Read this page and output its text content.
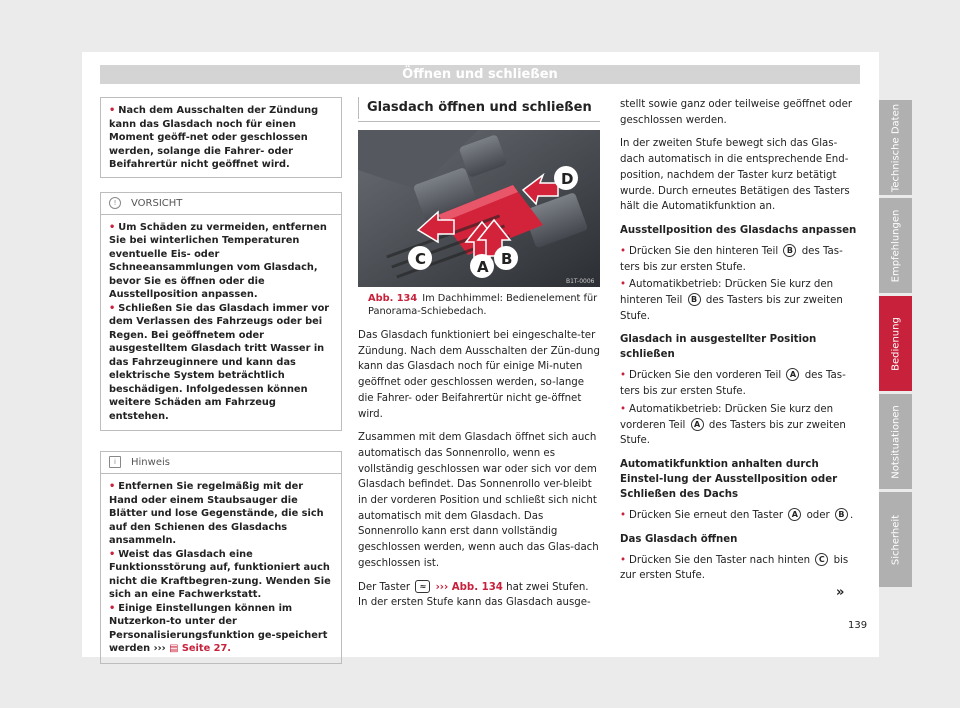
Öffnen und schließen
• Nach dem Ausschalten der Zündung kann das Glasdach noch für einen Moment geöff-net oder geschlossen werden, solange die Fahrer- oder Beifahrertür nicht geöffnet wird.
! VORSICHT
• Um Schäden zu vermeiden, entfernen Sie bei winterlichen Temperaturen eventuelle Eis- oder Schneeansammlungen vom Glasdach, bevor Sie es öffnen oder die Ausstellposition anpassen.
• Schließen Sie das Glasdach immer vor dem Verlassen des Fahrzeugs oder bei Regen. Bei geöffnetem oder ausgestelltem Glasdach tritt Wasser in das Fahrzeuginnere und kann das elektrische System beträchtlich beschädigen. Infolgedessen können weitere Schäden am Fahrzeug entstehen.
i Hinweis
• Entfernen Sie regelmäßig mit der Hand oder einem Staubsauger die Blätter und lose Gegenstände, die sich auf den Schienen des Glasdachs ansammeln.
• Weist das Glasdach eine Funktionsstörung auf, funktioniert auch nicht die Kraftbegren-zung. Wenden Sie sich an eine Fachwerkstatt.
• Einige Einstellungen können im Nutzerkon-to unter der Personalisierungsfunktion ge-speichert werden ››› ▤ Seite 27.
Glasdach öffnen und schließen
D
C	A B
B1T-0006
Abb. 134 Im Dachhimmel: Bedienelement für Panorama-Schiebedach.

Das Glasdach funktioniert bei eingeschalte-ter Zündung. Nach dem Ausschalten der Zün-dung kann das Glasdach noch für einige Mi-nuten geöffnet oder geschlossen werden, so-lange die Fahrer- oder Beifahrertür nicht ge-öffnet wird.

Zusammen mit dem Glasdach öffnet sich auch automatisch das Sonnenrollo, wenn es vollständig geschlossen war oder sich vor dem Glasdach befindet. Das Sonnenrollo ver-bleibt in der vorderen Position und schließt sich nicht automatisch mit dem Glasdach. Das Sonnenrollo kann erst dann vollständig geschlossen werden, wenn auch das Glas-dach geschlossen ist.

Der Taster ≈ ››› Abb. 134 hat zwei Stufen. In der ersten Stufe kann das Glasdach ausge-

stellt sowie ganz oder teilweise geöffnet oder geschlossen werden.

In der zweiten Stufe bewegt sich das Glas-dach automatisch in die entsprechende End-position, nachdem der Taster kurz betätigt wurde. Durch erneutes Betätigen des Tasters hält die Automatikfunktion an.

Ausstellposition des Glasdachs anpassen

• Drücken Sie den hinteren Teil B des Tas-ters bis zur ersten Stufe.

• Automatikbetrieb: Drücken Sie kurz den hinteren Teil B des Tasters bis zur zweiten Stufe.

Glasdach in ausgestellter Position schließen

• Drücken Sie den vorderen Teil A des Tas-ters bis zur ersten Stufe.

• Automatikbetrieb: Drücken Sie kurz den vorderen Teil A des Tasters bis zur zweiten Stufe.

Automatikfunktion anhalten durch Einstel-lung der Ausstellposition oder Schließen des Dachs

• Drücken Sie erneut den Taster A oder B .

Das Glasdach öffnen

• Drücken Sie den Taster nach hinten C bis zur ersten Stufe.

»
Technische Daten
Empfehlungen
Bedienung
Notsituationen
Sicherheit
139
